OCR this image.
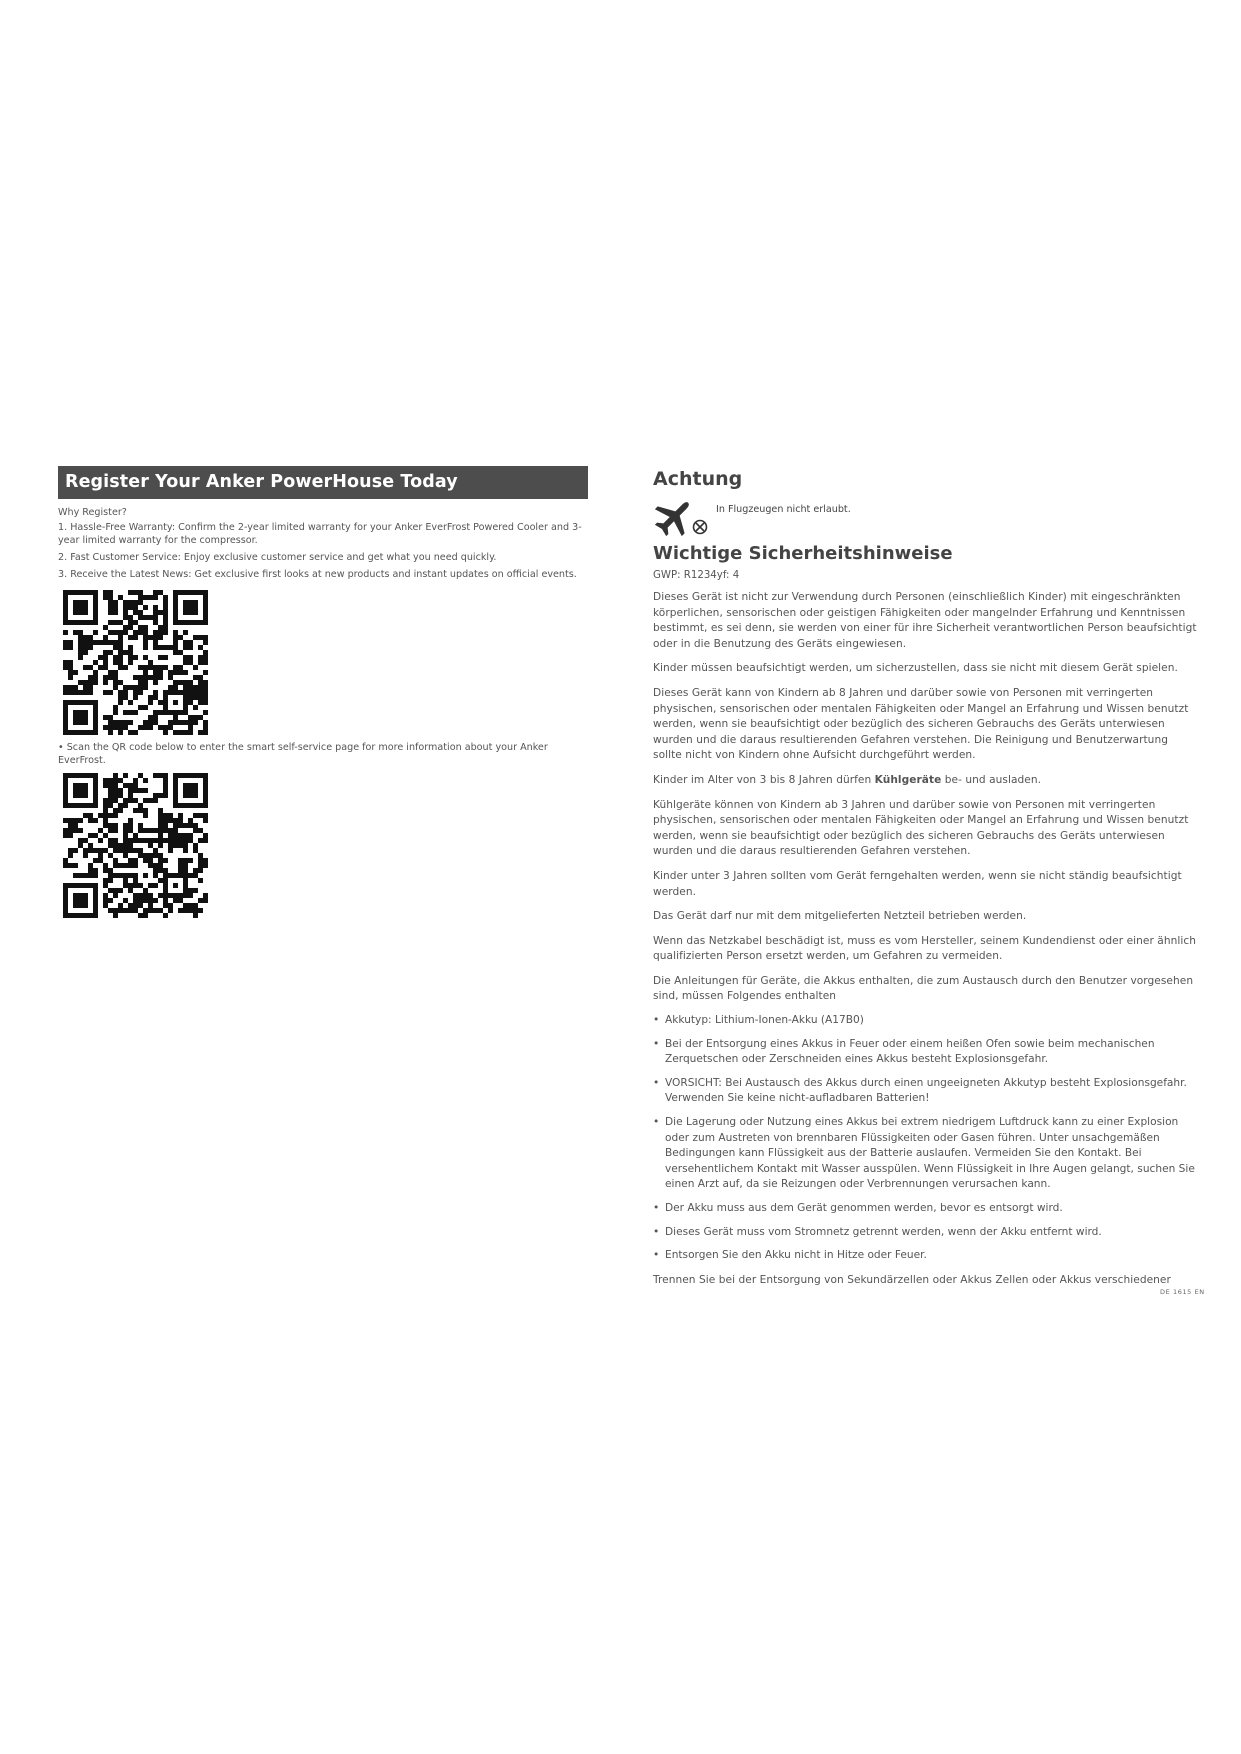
Register Your Anker PowerHouse Today
Why Register?
1. Hassle-Free Warranty: Confirm the 2-year limited warranty for your Anker EverFrost Powered Cooler and 3-year limited warranty for the compressor.
2. Fast Customer Service: Enjoy exclusive customer service and get what you need quickly.
3. Receive the Latest News: Get exclusive first looks at new products and instant updates on official events.
• Scan the QR code below to enter the smart self-service page for more information about your Anker EverFrost.
Achtung
In Flugzeugen nicht erlaubt.
Wichtige Sicherheitshinweise
GWP: R1234yf: 4
Dieses Gerät ist nicht zur Verwendung durch Personen (einschließlich Kinder) mit eingeschränkten körperlichen, sensorischen oder geistigen Fähigkeiten oder mangelnder Erfahrung und Kenntnissen bestimmt, es sei denn, sie werden von einer für ihre Sicherheit verantwortlichen Person beaufsichtigt oder in die Benutzung des Geräts eingewiesen.
Kinder müssen beaufsichtigt werden, um sicherzustellen, dass sie nicht mit diesem Gerät spielen.
Dieses Gerät kann von Kindern ab 8 Jahren und darüber sowie von Personen mit verringerten physischen, sensorischen oder mentalen Fähigkeiten oder Mangel an Erfahrung und Wissen benutzt werden, wenn sie beaufsichtigt oder bezüglich des sicheren Gebrauchs des Geräts unterwiesen wurden und die daraus resultierenden Gefahren verstehen. Die Reinigung und Benutzerwartung sollte nicht von Kindern ohne Aufsicht durchgeführt werden.
Kinder im Alter von 3 bis 8 Jahren dürfen Kühlgeräte be- und ausladen.
Kühlgeräte können von Kindern ab 3 Jahren und darüber sowie von Personen mit verringerten physischen, sensorischen oder mentalen Fähigkeiten oder Mangel an Erfahrung und Wissen benutzt werden, wenn sie beaufsichtigt oder bezüglich des sicheren Gebrauchs des Geräts unterwiesen wurden und die daraus resultierenden Gefahren verstehen.
Kinder unter 3 Jahren sollten vom Gerät ferngehalten werden, wenn sie nicht ständig beaufsichtigt werden.
Das Gerät darf nur mit dem mitgelieferten Netzteil betrieben werden.
Wenn das Netzkabel beschädigt ist, muss es vom Hersteller, seinem Kundendienst oder einer ähnlich qualifizierten Person ersetzt werden, um Gefahren zu vermeiden.
Die Anleitungen für Geräte, die Akkus enthalten, die zum Austausch durch den Benutzer vorgesehen sind, müssen Folgendes enthalten
• Akkutyp: Lithium-Ionen-Akku (A17B0)
• Bei der Entsorgung eines Akkus in Feuer oder einem heißen Ofen sowie beim mechanischen Zerquetschen oder Zerschneiden eines Akkus besteht Explosionsgefahr.
• VORSICHT: Bei Austausch des Akkus durch einen ungeeigneten Akkutyp besteht Explosionsgefahr. Verwenden Sie keine nicht-aufladbaren Batterien!
• Die Lagerung oder Nutzung eines Akkus bei extrem niedrigem Luftdruck kann zu einer Explosion oder zum Austreten von brennbaren Flüssigkeiten oder Gasen führen. Unter unsachgemäßen Bedingungen kann Flüssigkeit aus der Batterie auslaufen. Vermeiden Sie den Kontakt. Bei versehentlichem Kontakt mit Wasser ausspülen. Wenn Flüssigkeit in Ihre Augen gelangt, suchen Sie einen Arzt auf, da sie Reizungen oder Verbrennungen verursachen kann.
• Der Akku muss aus dem Gerät genommen werden, bevor es entsorgt wird.
• Dieses Gerät muss vom Stromnetz getrennt werden, wenn der Akku entfernt wird.
• Entsorgen Sie den Akku nicht in Hitze oder Feuer.
Trennen Sie bei der Entsorgung von Sekundärzellen oder Akkus Zellen oder Akkus verschiedener
DE 1615 EN
